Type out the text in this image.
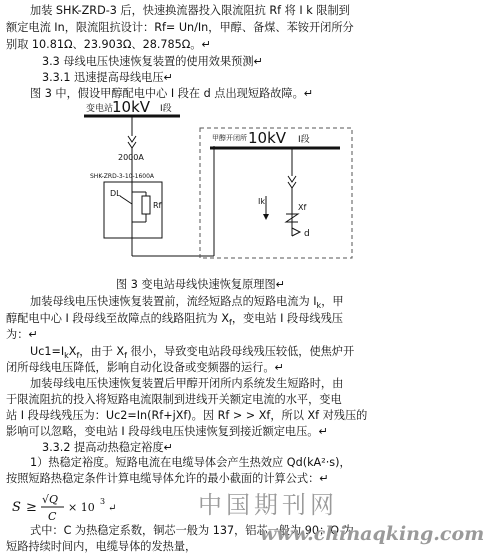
加装 SHK-ZRD-3 后，快速换流器投入限流阻抗 Rf 将 I k 限制到
额定电流 In，限流阻抗设计：Rf= Un/In，甲醇、备煤、苯铵开闭所分
别取 10.81Ω、23.903Ω、28.785Ω。↵
3.3 母线电压快速恢复装置的使用效果预测↵
3.3.1 迅速提高母线电压↵
图 3 中，假设甲醇配电中心 I 段在 d 点出现短路故障。↵
变电站
10kV I段
2000A
SHK-ZRD-3-10-1600A
DL
Rf
甲醇开闭所 10kV I段
Ik
Xf
d
图 3 变电站母线快速恢复原理图↵
加装母线电压快速恢复装置前，流经短路点的短路电流为 $I_k$，甲
醇配电中心 I 段母线至故障点的线路阻抗为 $X_f$，变电站 I 段母线残压
为：↵
$Uc1=I_kX_f$，由于 $X_f$ 很小，导致变电站段母线残压较低，使焦炉开
闭所母线电压降低，影响自动化设备或变频器的运行。↵
加装母线电压快速恢复装置后甲醇开闭所内系统发生短路时，由
于限流阻抗的投入将短路电流限制到进线开关额定电流的水平，变电
站 I 段母线残压为：Uc2=In(Rf+jXf)。因 Rf > > Xf，所以 Xf 对残压的
影响可以忽略，变电站 I 段母线电压快速恢复到接近额定电压。↵
3.3.2 提高动热稳定裕度↵
1）热稳定裕度。短路电流在电缆导体会产生热效应 Qd(kA²·s)，
按照短路热稳定条件计算电缆导体允许的最小截面的计算公式：↵
S ≥
√Q
C
× 10 3
↵
式中：C 为热稳定系数，铜芯一般为 137，铝芯一般为 90；Q 为
短路持续时间内，电缆导体的发热量，
中国期刊网
www.chinaqking.com
